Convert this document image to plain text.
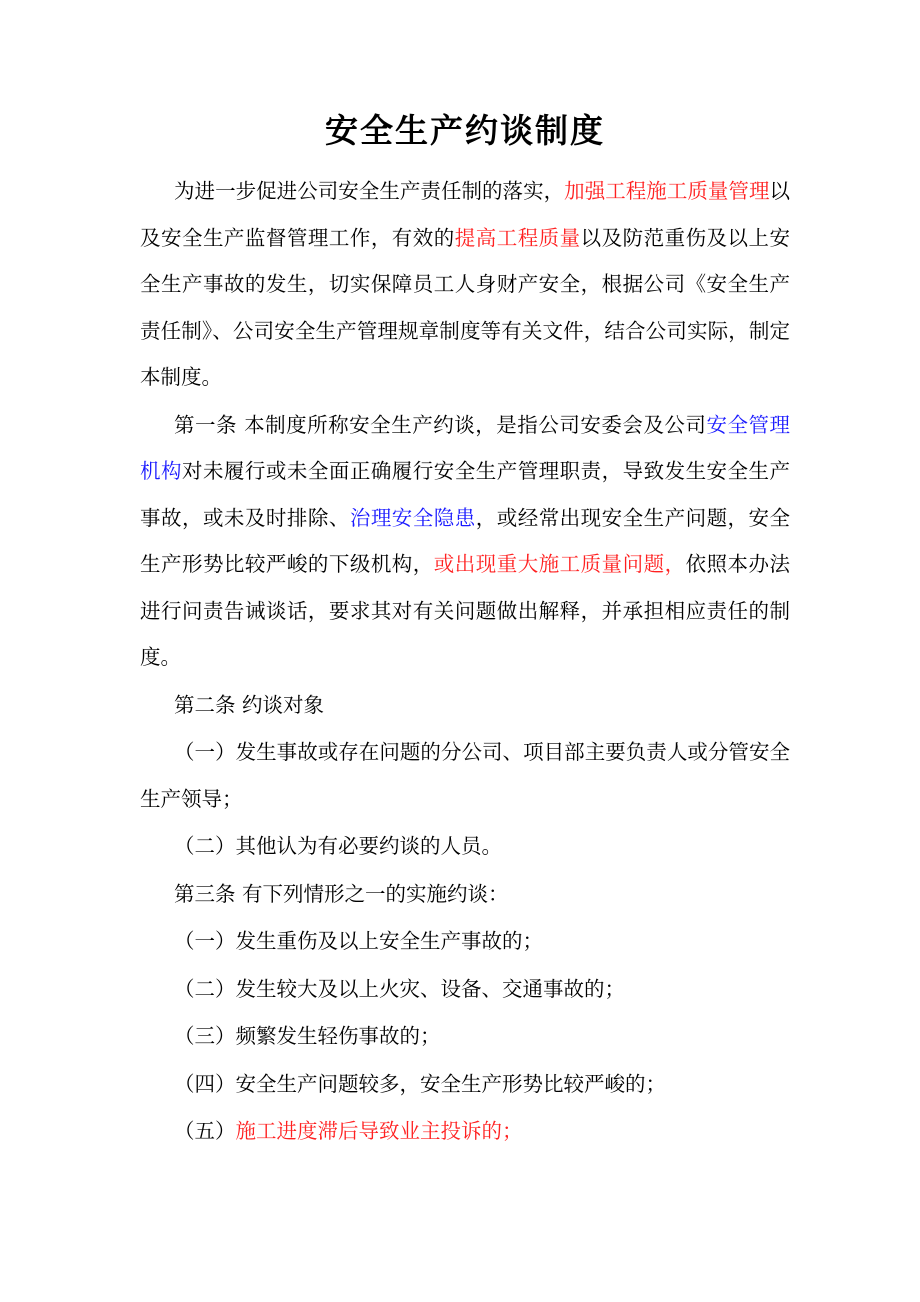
安全生产约谈制度

为进一步促进公司安全生产责任制的落实，加强工程施工质量管理以及安全生产监督管理工作，有效的提高工程质量以及防范重伤及以上安全生产事故的发生，切实保障员工人身财产安全，根据公司《安全生产责任制》、公司安全生产管理规章制度等有关文件，结合公司实际，制定本制度。

第一条 本制度所称安全生产约谈，是指公司安委会及公司安全管理机构对未履行或未全面正确履行安全生产管理职责，导致发生安全生产事故，或未及时排除、治理安全隐患，或经常出现安全生产问题，安全生产形势比较严峻的下级机构，或出现重大施工质量问题，依照本办法进行问责告诫谈话，要求其对有关问题做出解释，并承担相应责任的制度。

第二条 约谈对象

（一）发生事故或存在问题的分公司、项目部主要负责人或分管安全生产领导；

（二）其他认为有必要约谈的人员。

第三条 有下列情形之一的实施约谈：

（一）发生重伤及以上安全生产事故的；

（二）发生较大及以上火灾、设备、交通事故的；

（三）频繁发生轻伤事故的；

（四）安全生产问题较多，安全生产形势比较严峻的；

（五）施工进度滞后导致业主投诉的；
